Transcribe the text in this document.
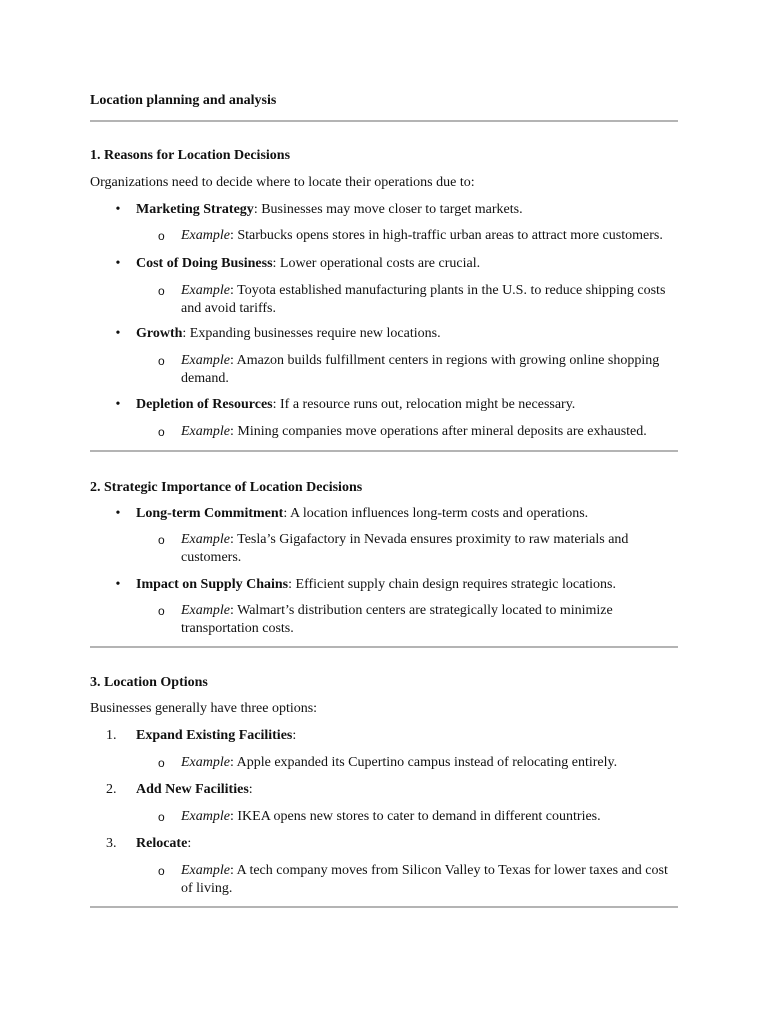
Location planning and analysis
1. Reasons for Location Decisions
Organizations need to decide where to locate their operations due to:
• Marketing Strategy: Businesses may move closer to target markets.
o Example: Starbucks opens stores in high-traffic urban areas to attract more customers.
• Cost of Doing Business: Lower operational costs are crucial.
o Example: Toyota established manufacturing plants in the U.S. to reduce shipping costs and avoid tariffs.
• Growth: Expanding businesses require new locations.
o Example: Amazon builds fulfillment centers in regions with growing online shopping demand.
• Depletion of Resources: If a resource runs out, relocation might be necessary.
o Example: Mining companies move operations after mineral deposits are exhausted.
2. Strategic Importance of Location Decisions
• Long-term Commitment: A location influences long-term costs and operations.
o Example: Tesla’s Gigafactory in Nevada ensures proximity to raw materials and customers.
• Impact on Supply Chains: Efficient supply chain design requires strategic locations.
o Example: Walmart’s distribution centers are strategically located to minimize transportation costs.
3. Location Options
Businesses generally have three options:
1.	Expand Existing Facilities:
o Example: Apple expanded its Cupertino campus instead of relocating entirely.
2.	Add New Facilities:
o Example: IKEA opens new stores to cater to demand in different countries.
3.	Relocate:
o Example: A tech company moves from Silicon Valley to Texas for lower taxes and cost of living.
